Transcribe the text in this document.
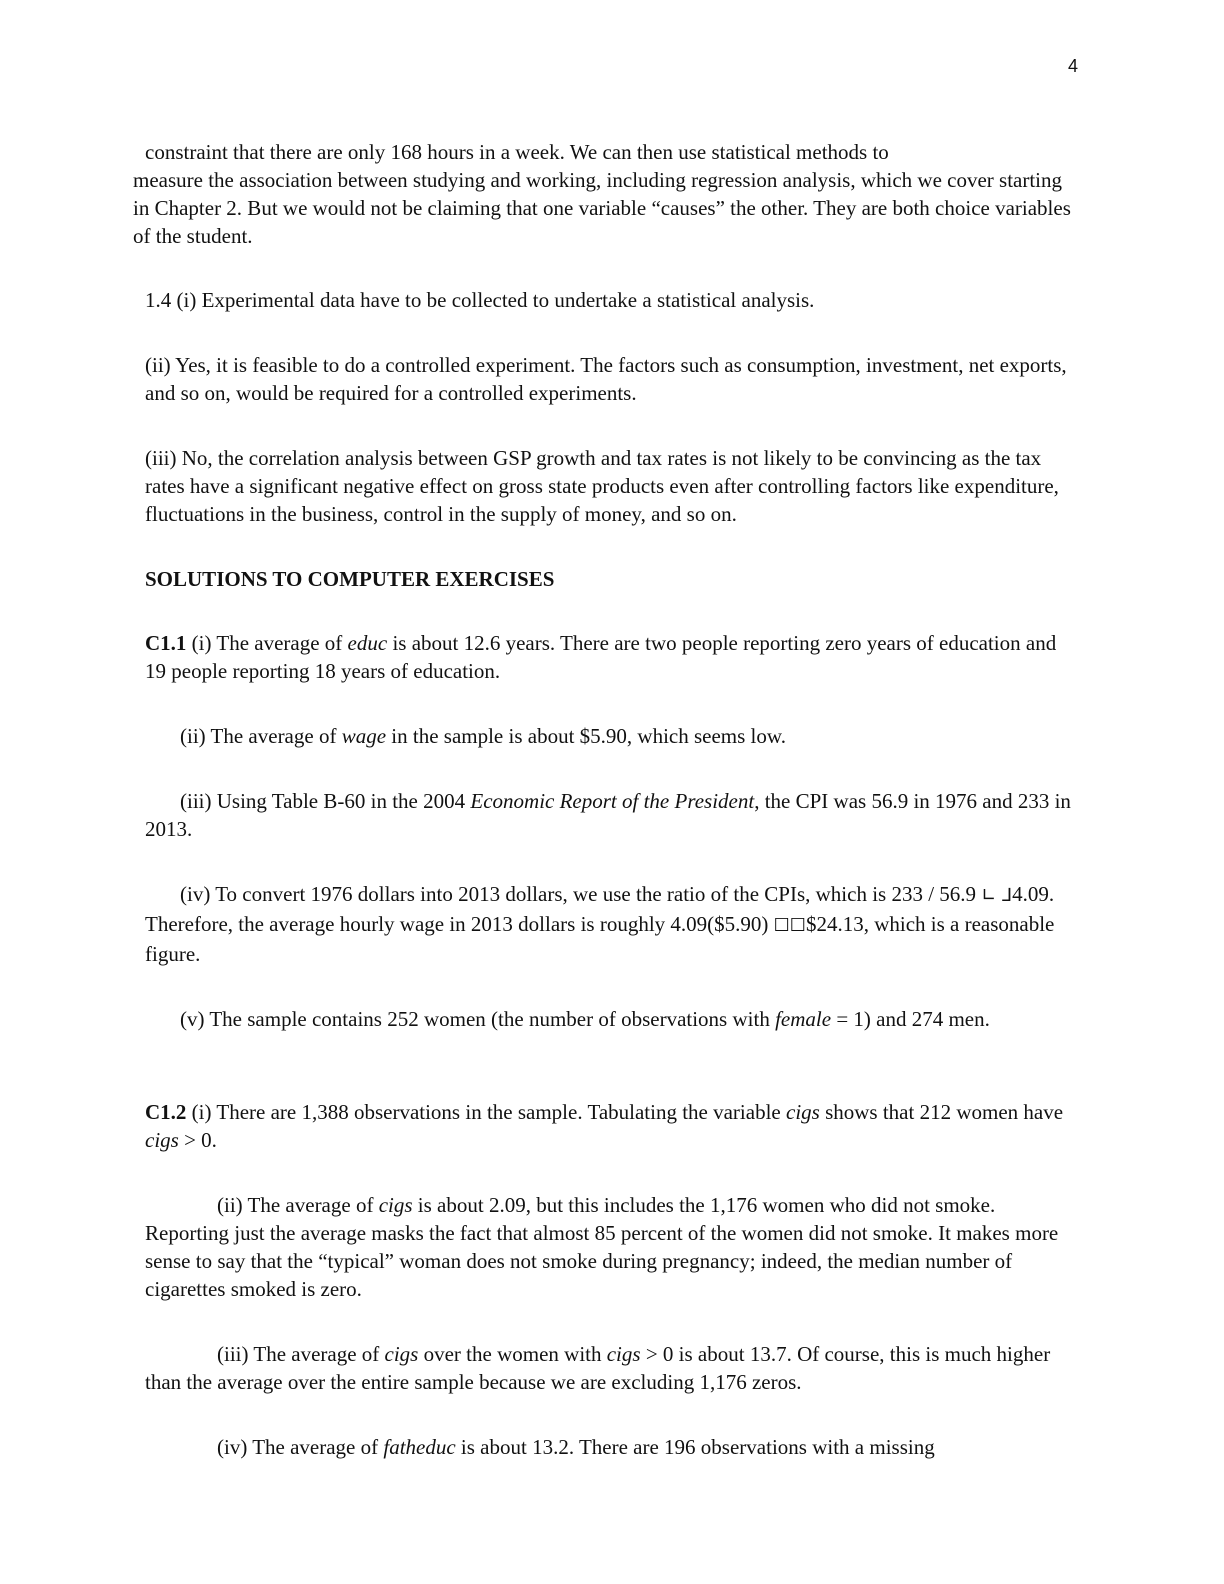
4

constraint that there are only 168 hours in a week. We can then use statistical methods to
measure the association between studying and working, including regression analysis, which we cover starting in Chapter 2. But we would not be claiming that one variable “causes” the other. They are both choice variables of the student.

1.4 (i) Experimental data have to be collected to undertake a statistical analysis.

(ii) Yes, it is feasible to do a controlled experiment. The factors such as consumption, investment, net exports, and so on, would be required for a controlled experiments.

(iii) No, the correlation analysis between GSP growth and tax rates is not likely to be convincing as the tax rates have a significant negative effect on gross state products even after controlling factors like expenditure, fluctuations in the business, control in the supply of money, and so on.

SOLUTIONS TO COMPUTER EXERCISES

C1.1 (i) The average of educ is about 12.6 years. There are two people reporting zero years of education and 19 people reporting 18 years of education.

(ii) The average of wage in the sample is about $5.90, which seems low.

(iii) Using Table B-60 in the 2004 Economic Report of the President, the CPI was 56.9 in 1976 and 233 in 2013.

(iv) To convert 1976 dollars into 2013 dollars, we use the ratio of the CPIs, which is 233 / 56.9 ∟ ⅃4.09. Therefore, the average hourly wage in 2013 dollars is roughly 4.09($5.90) ☐☐$24.13, which is a reasonable figure.

(v) The sample contains 252 women (the number of observations with female = 1) and 274 men.

C1.2 (i) There are 1,388 observations in the sample. Tabulating the variable cigs shows that 212 women have cigs > 0.

(ii) The average of cigs is about 2.09, but this includes the 1,176 women who did not smoke. Reporting just the average masks the fact that almost 85 percent of the women did not smoke. It makes more sense to say that the “typical” woman does not smoke during pregnancy; indeed, the median number of cigarettes smoked is zero.

(iii) The average of cigs over the women with cigs > 0 is about 13.7. Of course, this is much higher than the average over the entire sample because we are excluding 1,176 zeros.

(iv) The average of fatheduc is about 13.2. There are 196 observations with a missing
